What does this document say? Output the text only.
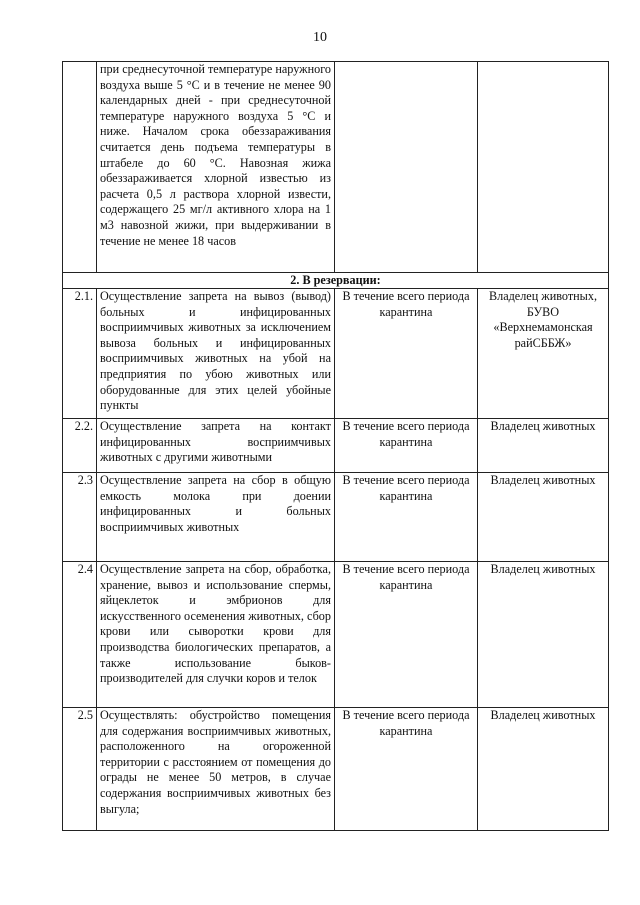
10
	при среднесуточной температуре наружного воздуха выше 5 °С и в течение не менее 90 календарных дней - при среднесуточной температуре наружного воздуха 5 °С и ниже. Началом срока обеззараживания считается день подъема температуры в штабеле до 60 °С. Навозная жижа обеззараживается хлорной известью из расчета 0,5 л раствора хлорной извести, содержащего 25 мг/л активного хлора на 1 м3 навозной жижи, при выдерживании в течение не менее 18 часов		
2. В резервации:			
2.1.	Осуществление запрета на вывоз (вывод) больных и инфицированных восприимчивых животных за исключением вывоза больных и инфицированных восприимчивых животных на убой на предприятия по убою животных или оборудованные для этих целей убойные пункты	В течение всего периода карантина	Владелец животных, БУВО «Верхнемамонская райСББЖ»
2.2.	Осуществление запрета на контакт инфицированных восприимчивых животных с другими животными	В течение всего периода карантина	Владелец животных
2.3	Осуществление запрета на сбор в общую емкость молока при доении инфицированных и больных восприимчивых животных	В течение всего периода карантина	Владелец животных
2.4	Осуществление запрета на сбор, обработка, хранение, вывоз и использование спермы, яйцеклеток и эмбрионов для искусственного осеменения животных, сбор крови или сыворотки крови для производства биологических препаратов, а также использование быков-производителей для случки коров и телок	В течение всего периода карантина	Владелец животных
2.5	Осуществлять: обустройство помещения для содержания восприимчивых животных, расположенного на огороженной территории с расстоянием от помещения до ограды не менее 50 метров, в случае содержания восприимчивых животных без выгула;	В течение всего периода карантина	Владелец животных
